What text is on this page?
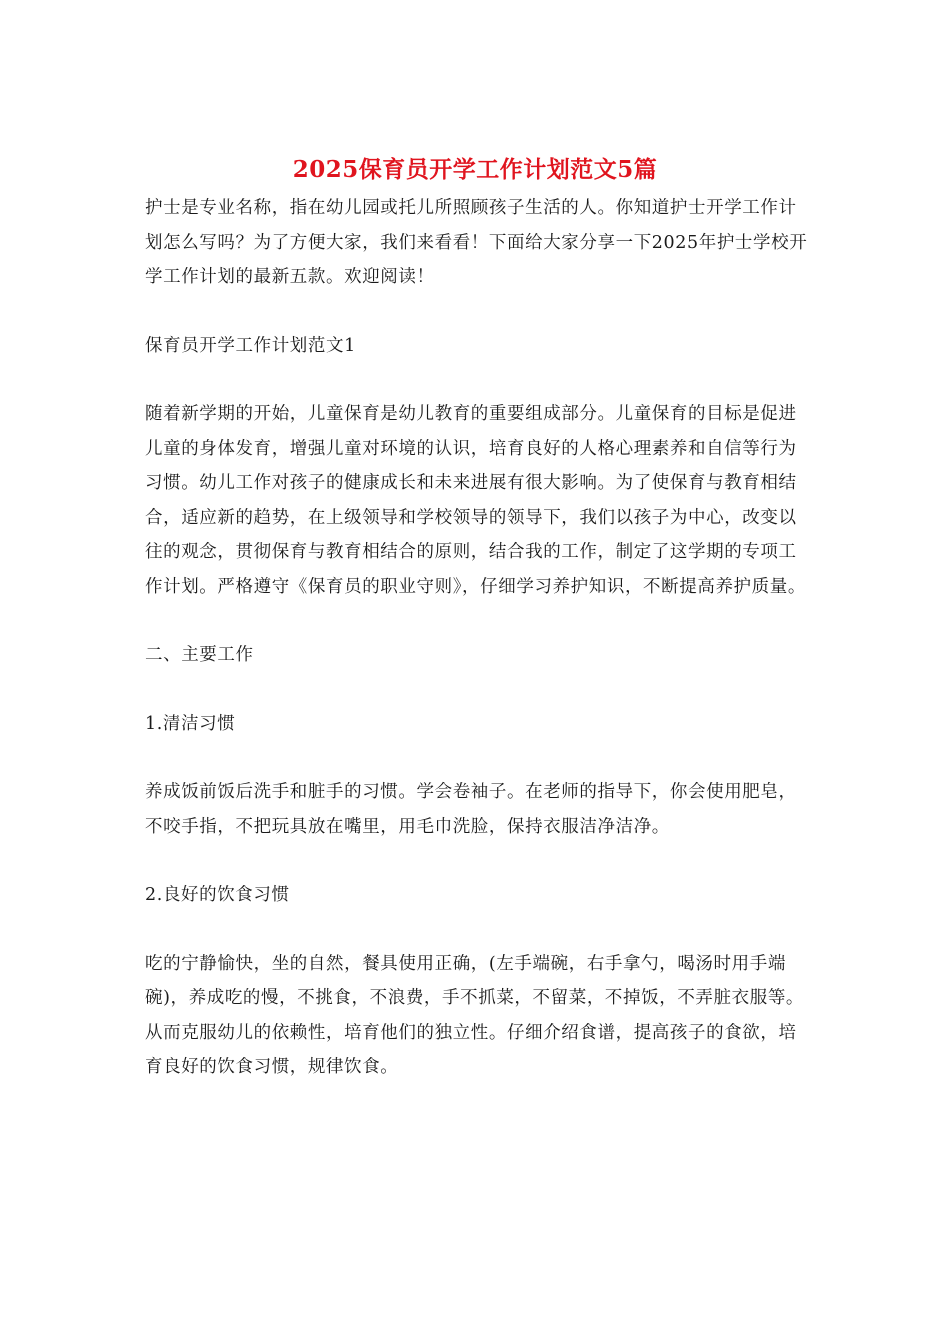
2025保育员开学工作计划范文5篇

护士是专业名称，指在幼儿园或托儿所照顾孩子生活的人。你知道护士开学工作计划怎么写吗？为了方便大家，我们来看看！下面给大家分享一下2025年护士学校开学工作计划的最新五款。欢迎阅读！

保育员开学工作计划范文1

随着新学期的开始，儿童保育是幼儿教育的重要组成部分。儿童保育的目标是促进儿童的身体发育，增强儿童对环境的认识，培育良好的人格心理素养和自信等行为习惯。幼儿工作对孩子的健康成长和未来进展有很大影响。为了使保育与教育相结合，适应新的趋势，在上级领导和学校领导的领导下，我们以孩子为中心，改变以往的观念，贯彻保育与教育相结合的原则，结合我的工作，制定了这学期的专项工作计划。严格遵守《保育员的职业守则》，仔细学习养护知识，不断提高养护质量。

二、主要工作

1.清洁习惯

养成饭前饭后洗手和脏手的习惯。学会卷袖子。在老师的指导下，你会使用肥皂，不咬手指，不把玩具放在嘴里，用毛巾洗脸，保持衣服洁净洁净。

2.良好的饮食习惯

吃的宁静愉快，坐的自然，餐具使用正确，(左手端碗，右手拿勺，喝汤时用手端碗)，养成吃的慢，不挑食，不浪费，手不抓菜，不留菜，不掉饭，不弄脏衣服等。从而克服幼儿的依赖性，培育他们的独立性。仔细介绍食谱，提高孩子的食欲，培育良好的饮食习惯，规律饮食。
